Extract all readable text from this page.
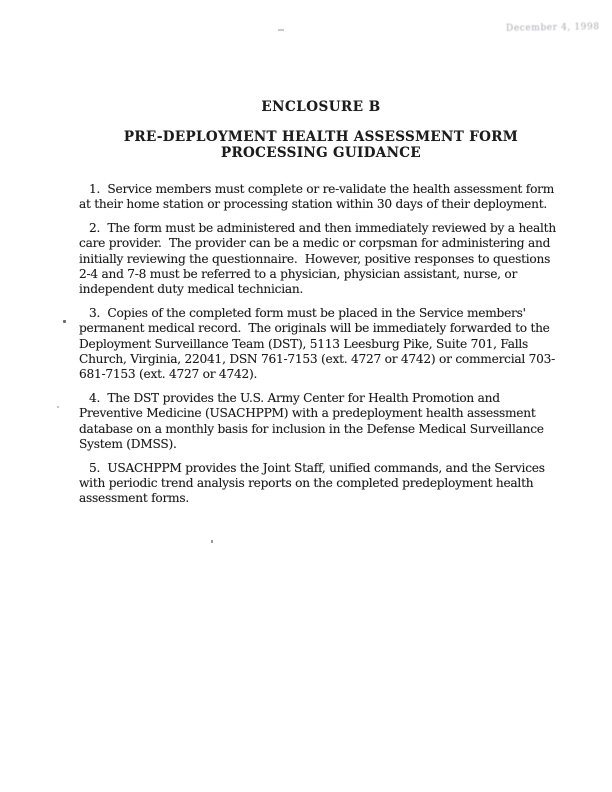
December 4, 1998
ENCLOSURE B
PRE-DEPLOYMENT HEALTH ASSESSMENT FORM
PROCESSING GUIDANCE

1.  Service members must complete or re-validate the health assessment form at their home station or processing station within 30 days of their deployment.

2.  The form must be administered and then immediately reviewed by a health care provider.  The provider can be a medic or corpsman for administering and initially reviewing the questionnaire.  However, positive responses to questions 2-4 and 7-8 must be referred to a physician, physician assistant, nurse, or independent duty medical technician.

3.  Copies of the completed form must be placed in the Service members' permanent medical record.  The originals will be immediately forwarded to the Deployment Surveillance Team (DST), 5113 Leesburg Pike, Suite 701, Falls Church, Virginia, 22041, DSN 761-7153 (ext. 4727 or 4742) or commercial 703-681-7153 (ext. 4727 or 4742).

4.  The DST provides the U.S. Army Center for Health Promotion and Preventive Medicine (USACHPPM) with a predeployment health assessment database on a monthly basis for inclusion in the Defense Medical Surveillance System (DMSS).

5.  USACHPPM provides the Joint Staff, unified commands, and the Services with periodic trend analysis reports on the completed predeployment health assessment forms.
